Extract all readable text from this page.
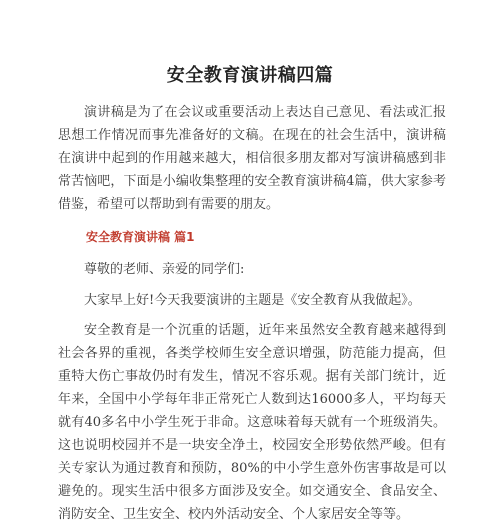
安全教育演讲稿四篇

演讲稿是为了在会议或重要活动上表达自己意见、看法或汇报思想工作情况而事先准备好的文稿。在现在的社会生活中，演讲稿在演讲中起到的作用越来越大，相信很多朋友都对写演讲稿感到非常苦恼吧，下面是小编收集整理的安全教育演讲稿4篇，供大家参考借鉴，希望可以帮助到有需要的朋友。

安全教育演讲稿 篇1

尊敬的老师、亲爱的同学们:

大家早上好!今天我要演讲的主题是《安全教育从我做起》。

安全教育是一个沉重的话题，近年来虽然安全教育越来越得到社会各界的重视，各类学校师生安全意识增强，防范能力提高，但重特大伤亡事故仍时有发生，情况不容乐观。据有关部门统计，近年来，全国中小学每年非正常死亡人数到达16000多人，平均每天就有40多名中小学生死于非命。这意味着每天就有一个班级消失。这也说明校园并不是一块安全净土，校园安全形势依然严峻。但有关专家认为通过教育和预防，80%的中小学生意外伤害事故是可以避免的。现实生活中很多方面涉及安全。如交通安全、食品安全、消防安全、卫生安全、校内外活动安全、个人家居安全等等。
